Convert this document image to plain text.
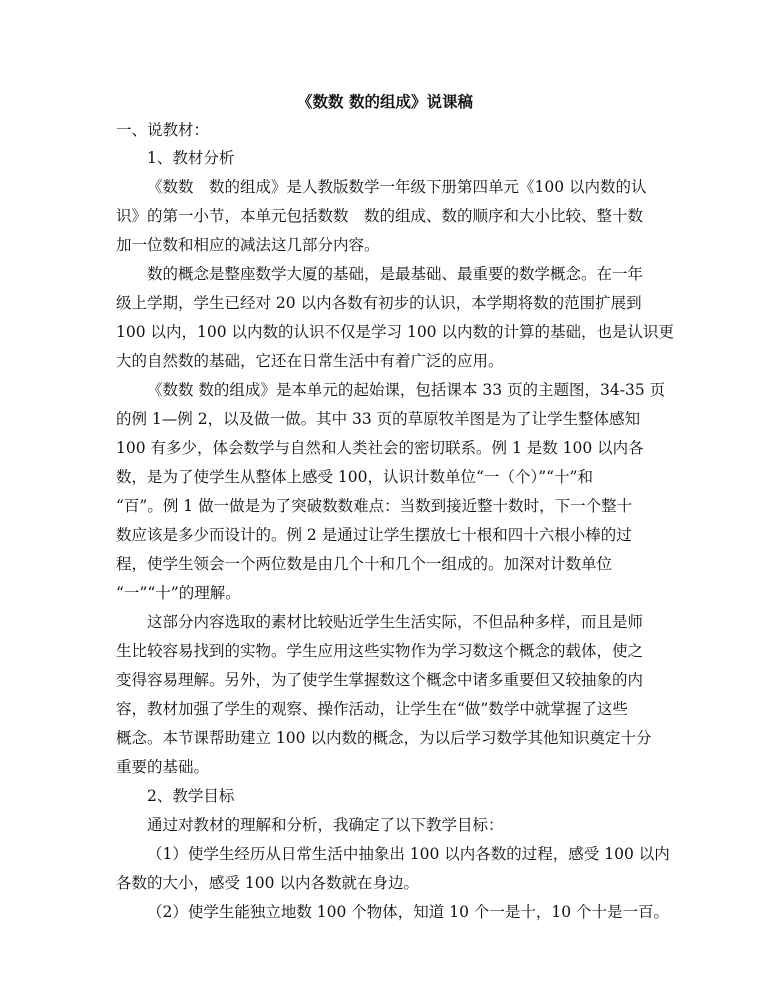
《数数 数的组成》说课稿
一、说教材：
1、教材分析
《数数　数的组成》是人教版数学一年级下册第四单元《100 以内数的认
识》的第一小节，本单元包括数数　数的组成、数的顺序和大小比较、整十数
加一位数和相应的减法这几部分内容。
数的概念是整座数学大厦的基础，是最基础、最重要的数学概念。在一年
级上学期，学生已经对 20 以内各数有初步的认识，本学期将数的范围扩展到
100 以内，100 以内数的认识不仅是学习 100 以内数的计算的基础，也是认识更
大的自然数的基础，它还在日常生活中有着广泛的应用。
《数数 数的组成》是本单元的起始课，包括课本 33 页的主题图，34-35 页
的例 1—例 2，以及做一做。其中 33 页的草原牧羊图是为了让学生整体感知
100 有多少，体会数学与自然和人类社会的密切联系。例 1 是数 100 以内各
数，是为了使学生从整体上感受 100，认识计数单位“一（个）”“十”和
“百”。例 1 做一做是为了突破数数难点：当数到接近整十数时，下一个整十
数应该是多少而设计的。例 2 是通过让学生摆放七十根和四十六根小棒的过
程，使学生领会一个两位数是由几个十和几个一组成的。加深对计数单位
“一”“十”的理解。
这部分内容选取的素材比较贴近学生生活实际，不但品种多样，而且是师
生比较容易找到的实物。学生应用这些实物作为学习数这个概念的载体，使之
变得容易理解。另外，为了使学生掌握数这个概念中诸多重要但又较抽象的内
容，教材加强了学生的观察、操作活动，让学生在“做”数学中就掌握了这些
概念。本节课帮助建立 100 以内数的概念，为以后学习数学其他知识奠定十分
重要的基础。
2、教学目标
通过对教材的理解和分析，我确定了以下教学目标：
（1）使学生经历从日常生活中抽象出 100 以内各数的过程，感受 100 以内
各数的大小，感受 100 以内各数就在身边。
（2）使学生能独立地数 100 个物体，知道 10 个一是十，10 个十是一百。
